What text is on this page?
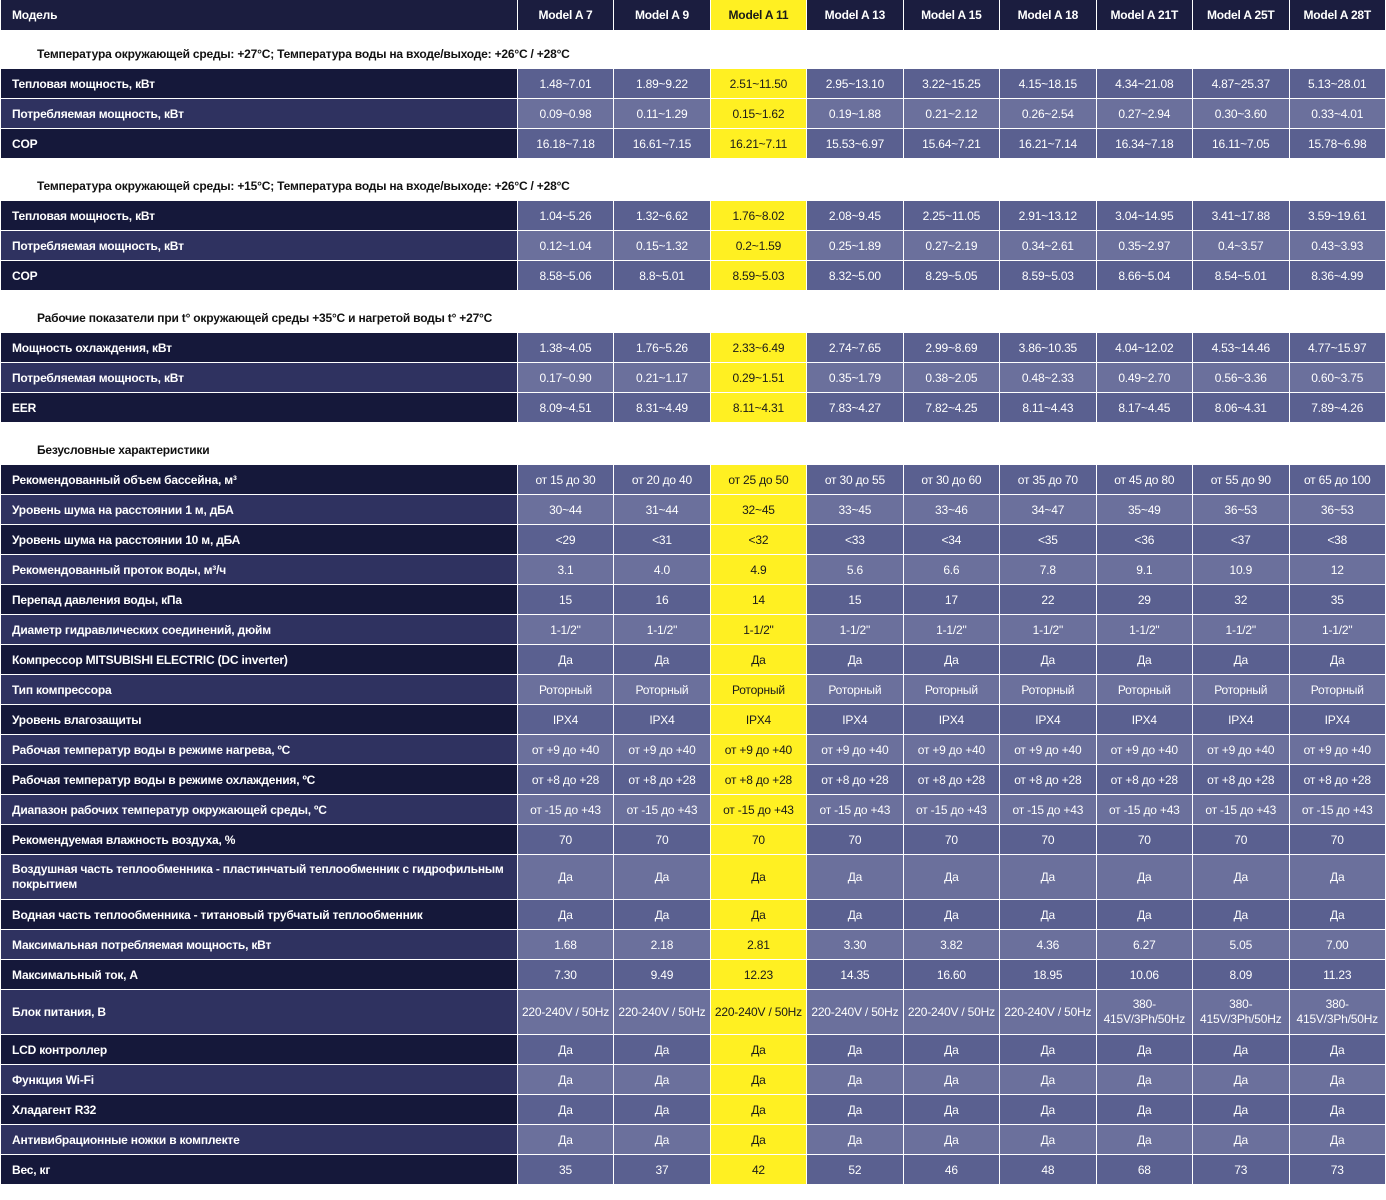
Модель	Model A 7	Model A 9	Model A 11	Model A 13	Model A 15	Model A 18	Model A 21T	Model A 25T	Model A 28T

Температура окружающей среды: +27°С; Температура воды на входе/выходе: +26°С / +28°С									
Тепловая мощность, кВт	1.48~7.01	1.89~9.22	2.51~11.50	2.95~13.10	3.22~15.25	4.15~18.15	4.34~21.08	4.87~25.37	5.13~28.01
Потребляемая мощность, кВт	0.09~0.98	0.11~1.29	0.15~1.62	0.19~1.88	0.21~2.12	0.26~2.54	0.27~2.94	0.30~3.60	0.33~4.01
COP	16.18~7.18	16.61~7.15	16.21~7.11	15.53~6.97	15.64~7.21	16.21~7.14	16.34~7.18	16.11~7.05	15.78~6.98

Температура окружающей среды: +15°С; Температура воды на входе/выходе: +26°С / +28°С									
Тепловая мощность, кВт	1.04~5.26	1.32~6.62	1.76~8.02	2.08~9.45	2.25~11.05	2.91~13.12	3.04~14.95	3.41~17.88	3.59~19.61
Потребляемая мощность, кВт	0.12~1.04	0.15~1.32	0.2~1.59	0.25~1.89	0.27~2.19	0.34~2.61	0.35~2.97	0.4~3.57	0.43~3.93
COP	8.58~5.06	8.8~5.01	8.59~5.03	8.32~5.00	8.29~5.05	8.59~5.03	8.66~5.04	8.54~5.01	8.36~4.99

Рабочие показатели при t° окружающей среды +35°С и нагретой воды t° +27°С									
Мощность охлаждения, кВт	1.38~4.05	1.76~5.26	2.33~6.49	2.74~7.65	2.99~8.69	3.86~10.35	4.04~12.02	4.53~14.46	4.77~15.97
Потребляемая мощность, кВт	0.17~0.90	0.21~1.17	0.29~1.51	0.35~1.79	0.38~2.05	0.48~2.33	0.49~2.70	0.56~3.36	0.60~3.75
EER	8.09~4.51	8.31~4.49	8.11~4.31	7.83~4.27	7.82~4.25	8.11~4.43	8.17~4.45	8.06~4.31	7.89~4.26

Безусловные характеристики									
Рекомендованный объем бассейна, м³	от 15 до 30	от 20 до 40	от 25 до 50	от 30 до 55	от 30 до 60	от 35 до 70	от 45 до 80	от 55 до 90	от 65 до 100
Уровень шума на расстоянии 1 м, дБА	30~44	31~44	32~45	33~45	33~46	34~47	35~49	36~53	36~53
Уровень шума на расстоянии 10 м, дБА	<29	<31	<32	<33	<34	<35	<36	<37	<38
Рекомендованный проток воды, м³/ч	3.1	4.0	4.9	5.6	6.6	7.8	9.1	10.9	12
Перепад давления воды, кПа	15	16	14	15	17	22	29	32	35
Диаметр гидравлических соединений, дюйм	1-1/2"	1-1/2"	1-1/2"	1-1/2"	1-1/2"	1-1/2"	1-1/2"	1-1/2"	1-1/2"
Компрессор MITSUBISHI ELECTRIC (DC inverter)	Да	Да	Да	Да	Да	Да	Да	Да	Да
Тип компрессора	Роторный	Роторный	Роторный	Роторный	Роторный	Роторный	Роторный	Роторный	Роторный
Уровень влагозащиты	IPX4	IPX4	IPX4	IPX4	IPX4	IPX4	IPX4	IPX4	IPX4
Рабочая температур воды в режиме нагрева, ºС	от +9 до +40	от +9 до +40	от +9 до +40	от +9 до +40	от +9 до +40	от +9 до +40	от +9 до +40	от +9 до +40	от +9 до +40
Рабочая температур воды в режиме охлаждения, ºС	от +8 до +28	от +8 до +28	от +8 до +28	от +8 до +28	от +8 до +28	от +8 до +28	от +8 до +28	от +8 до +28	от +8 до +28
Диапазон рабочих температур окружающей среды, ºС	от -15 до +43	от -15 до +43	от -15 до +43	от -15 до +43	от -15 до +43	от -15 до +43	от -15 до +43	от -15 до +43	от -15 до +43
Рекомендуемая влажность воздуха, %	70	70	70	70	70	70	70	70	70
Воздушная часть теплообменника - пластинчатый теплообменник с гидрофильным покрытием	Да	Да	Да	Да	Да	Да	Да	Да	Да
Водная часть теплообменника - титановый трубчатый теплообменник	Да	Да	Да	Да	Да	Да	Да	Да	Да
Максимальная потребляемая мощность, кВт	1.68	2.18	2.81	3.30	3.82	4.36	6.27	5.05	7.00
Максимальный ток, А	7.30	9.49	12.23	14.35	16.60	18.95	10.06	8.09	11.23
Блок питания, В	220-240V / 50Hz	220-240V / 50Hz	220-240V / 50Hz	220-240V / 50Hz	220-240V / 50Hz	220-240V / 50Hz	380-415V/3Ph/50Hz	380-415V/3Ph/50Hz	380-415V/3Ph/50Hz
LCD контроллер	Да	Да	Да	Да	Да	Да	Да	Да	Да
Функция Wi-Fi	Да	Да	Да	Да	Да	Да	Да	Да	Да
Хладагент R32	Да	Да	Да	Да	Да	Да	Да	Да	Да
Антивибрационные ножки в комплекте	Да	Да	Да	Да	Да	Да	Да	Да	Да
Вес, кг	35	37	42	52	46	48	68	73	73
